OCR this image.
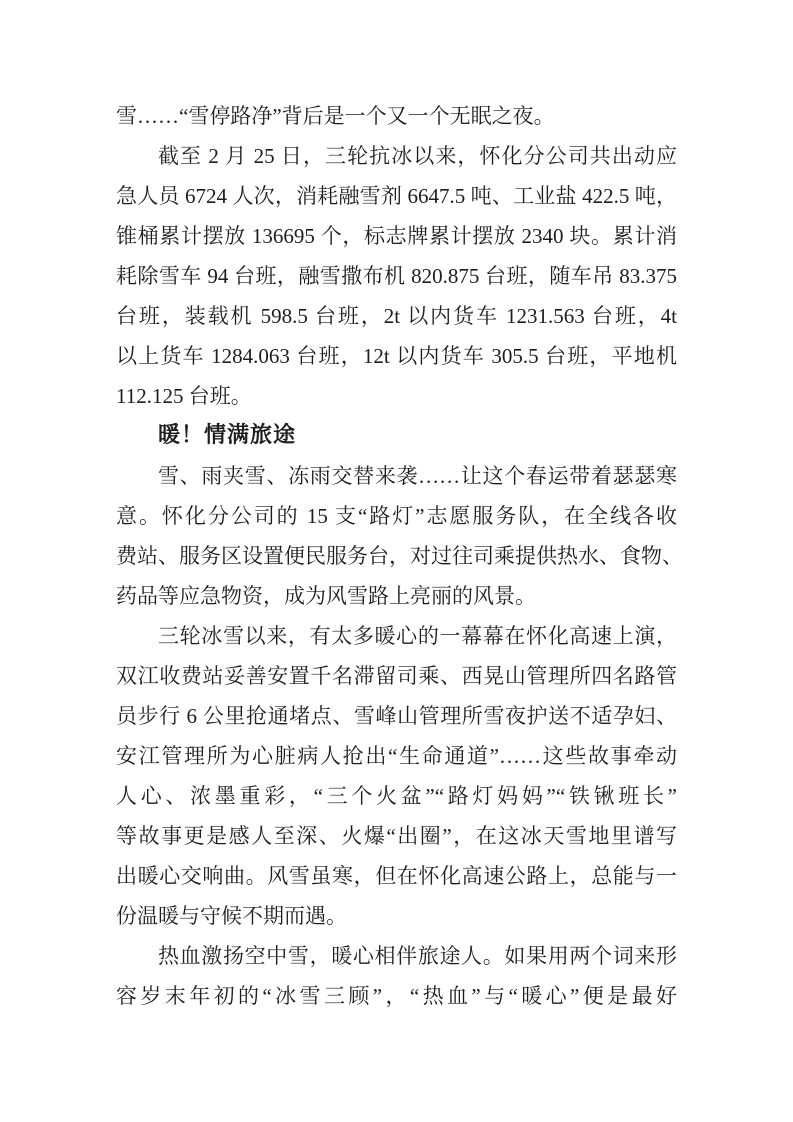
雪……“雪停路净”背后是一个又一个无眠之夜。
截至 2 月 25 日，三轮抗冰以来，怀化分公司共出动应
急人员 6724 人次，消耗融雪剂 6647.5 吨、工业盐 422.5 吨，
锥桶累计摆放 136695 个，标志牌累计摆放 2340 块。累计消
耗除雪车 94 台班，融雪撒布机 820.875 台班，随车吊 83.375
台班，装载机 598.5 台班，2t 以内货车 1231.563 台班，4t
以上货车 1284.063 台班，12t 以内货车 305.5 台班，平地机
112.125 台班。
暖！情满旅途
雪、雨夹雪、冻雨交替来袭……让这个春运带着瑟瑟寒
意。怀化分公司的 15 支“路灯”志愿服务队，在全线各收
费站、服务区设置便民服务台，对过往司乘提供热水、食物、
药品等应急物资，成为风雪路上亮丽的风景。
三轮冰雪以来，有太多暖心的一幕幕在怀化高速上演，
双江收费站妥善安置千名滞留司乘、西晃山管理所四名路管
员步行 6 公里抢通堵点、雪峰山管理所雪夜护送不适孕妇、
安江管理所为心脏病人抢出“生命通道”……这些故事牵动
人心、浓墨重彩，“三个火盆”“路灯妈妈”“铁锹班长”
等故事更是感人至深、火爆“出圈”，在这冰天雪地里谱写
出暖心交响曲。风雪虽寒，但在怀化高速公路上，总能与一
份温暖与守候不期而遇。
热血激扬空中雪，暖心相伴旅途人。如果用两个词来形
容岁末年初的“冰雪三顾”，“热血”与“暖心”便是最好
